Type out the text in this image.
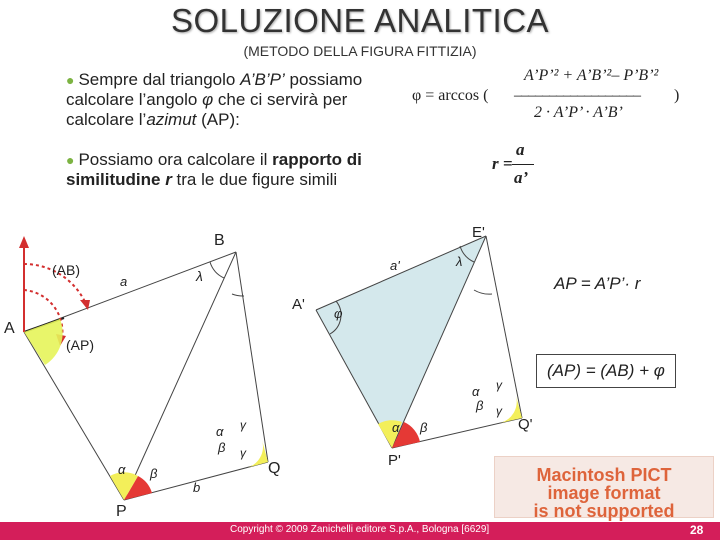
SOLUZIONE ANALITICA
(METODO DELLA FIGURA FITTIZIA)
● Sempre dal triangolo A’B’P’ possiamo
calcolare l’angolo φ che ci servirà per
calcolare l’azimut (AP):
● Possiamo ora calcolare il rapporto di
similitudine r tra le due figure simili
A’P’² + A’B’²– P’B’²
φ = arccos ( –––––––––––––––––– )
2 · A’P’ · A’B’
a
r =
a’
A
B
P
Q
a
b
λ
α β
α
β
γ
γ
(AB)
(AP)
A'
E'
P'
Q'
a'	λ
φ
α β
α
β
γ
γ
AP = A’P’· r
(AP) = (AB) + φ
Macintosh PICT
image format
is not supported
Copyright © 2009 Zanichelli editore S.p.A., Bologna [6629]	28
